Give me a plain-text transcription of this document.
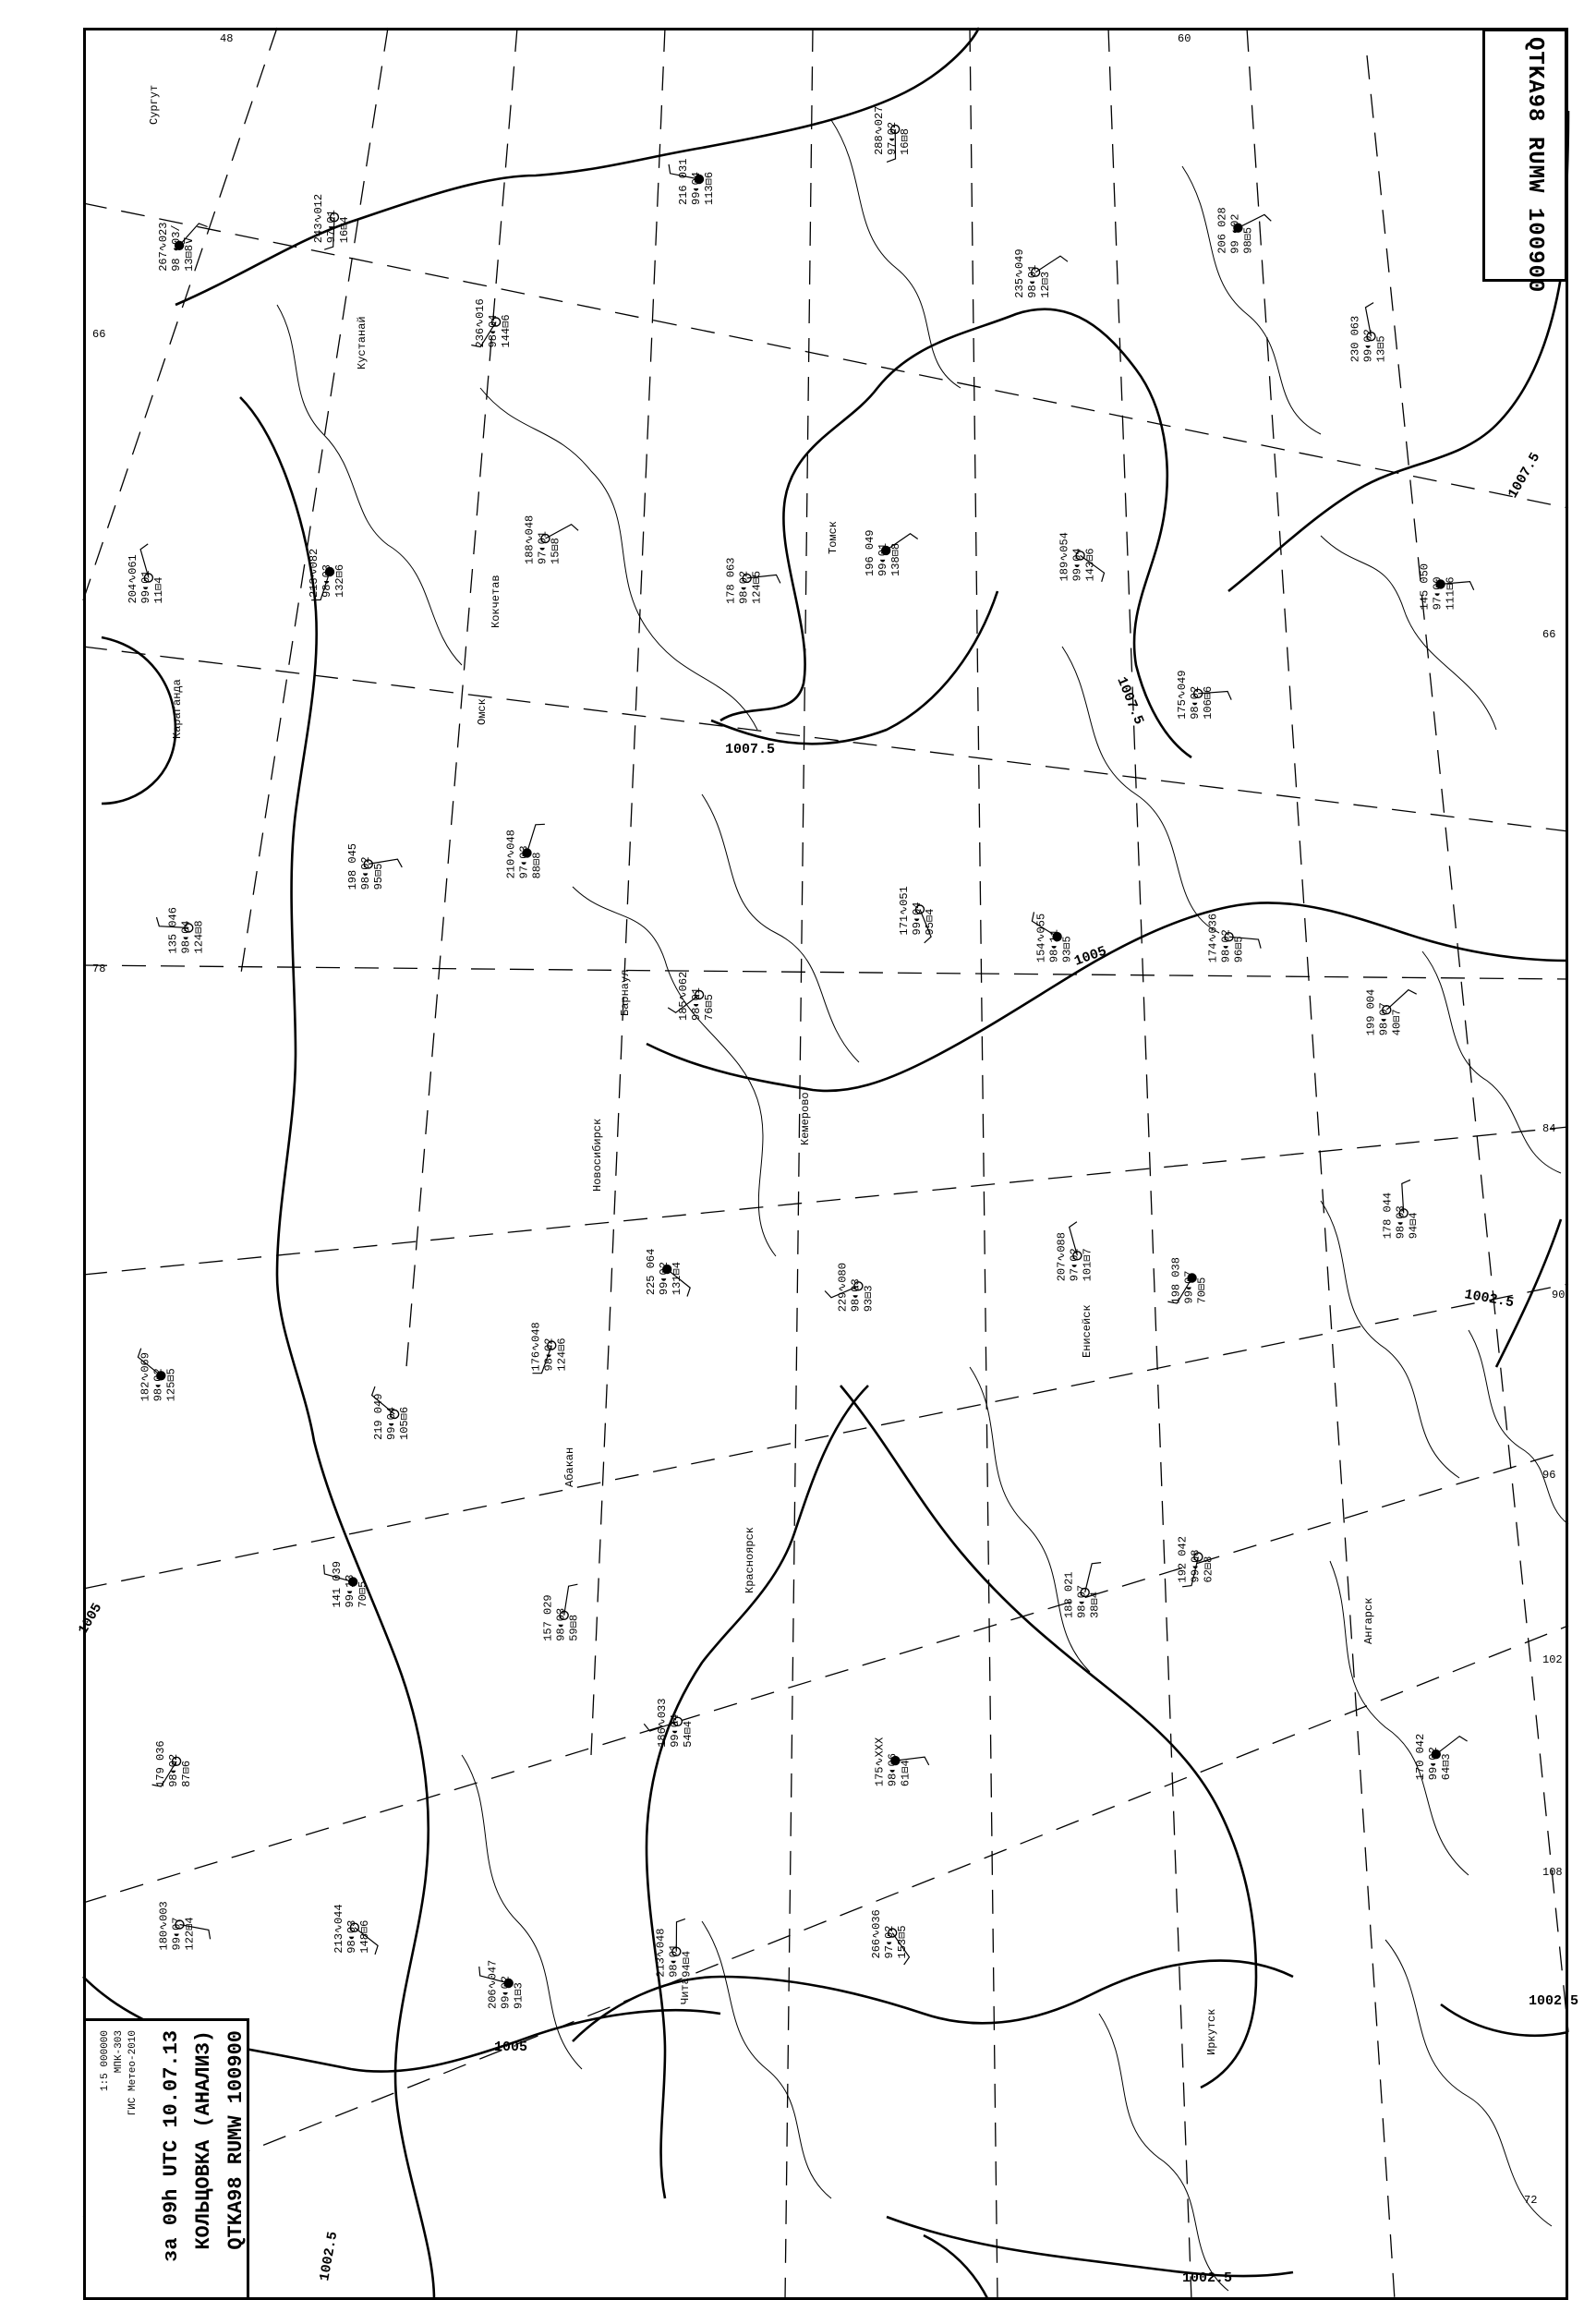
1007.5
1007.5
1007.5
1005
1005
1005
1002.5
1002.5
1002.5
1002.5
48
66
66
78
84
96
102
108
60
72
90
Сургут
Кустанай
Кокчетав
Караганда
Новосибирск
Красноярск
Иркутск
Абакан
Чита
Омск
Барнаул
Кемерово
Томск
Енисейск
Ангарск
267∿023 98 ◐03/ 13⊟8⊽
243∿012 97◐01 16⊟4
236∿016 98◐04 144⊟6
216 031 99◐04 113⊟6
288∿027 97◐02 16⊟8
235∿049 98◐01 12⊟3
206 028 99 ◐02 98⊟5
230 063 99◐02 13⊟5
204∿061 99◐01 11⊟4	213∿082 98◐03 132⊟6
188∿048 97◐01 15⊟8
178 063 98◐02 124⊟5
196 049 99◐01 138⊟8	189∿054 99◐04 143⊟6
175∿049 98◐02 106⊟6
145 050 97◐00 111⊟6
135 046 98◐04 124⊟8
198 045 98◐02 95⊟5	210∿048 97◐03 88⊟8
185∿062 98◐01 76⊟5
171∿051 99◐04 95⊟4	154∿055 98◐11 93⊟5	174∿036 98◐02 96⊟5
199 004 98◐07 40⊟7
182∿069 98◐02 125⊟5
219 049 99◐04 105⊟6
176∿048 98◐02 124⊟6
225 064 99◐02 131⊟4	229∿080 98◐03 93⊟3
207∿088 97◐02 101⊟7	198 038 99◐07 70⊟5
178 044 98◐03 94⊟4
179 036 98◐02 87⊟6
141 039 99◐13 70⊟5
157 029 98◐03 59⊟8
186∿033 99◐04 54⊟4
175∿XXX 98◐06 61⊟4
188 021 98◐07 38⊟4
192 042 99◐08 62⊟8
170 042 99◐02 64⊟3
180∿003 99◐07 122⊟4	213∿044 98◐03 148⊟6
206∿047 99◐02 91⊟3
213∿048 98◐01 94⊟4
266∿036 97◐02 153⊟5
QTKA98 RUMW 100900
QTKA98 RUMW 100900
КОЛЬЦОВКА (АНАЛИЗ)
за 09h UTC 10.07.13
ГИС Метео-2010
МПК-303
1:5 000000
